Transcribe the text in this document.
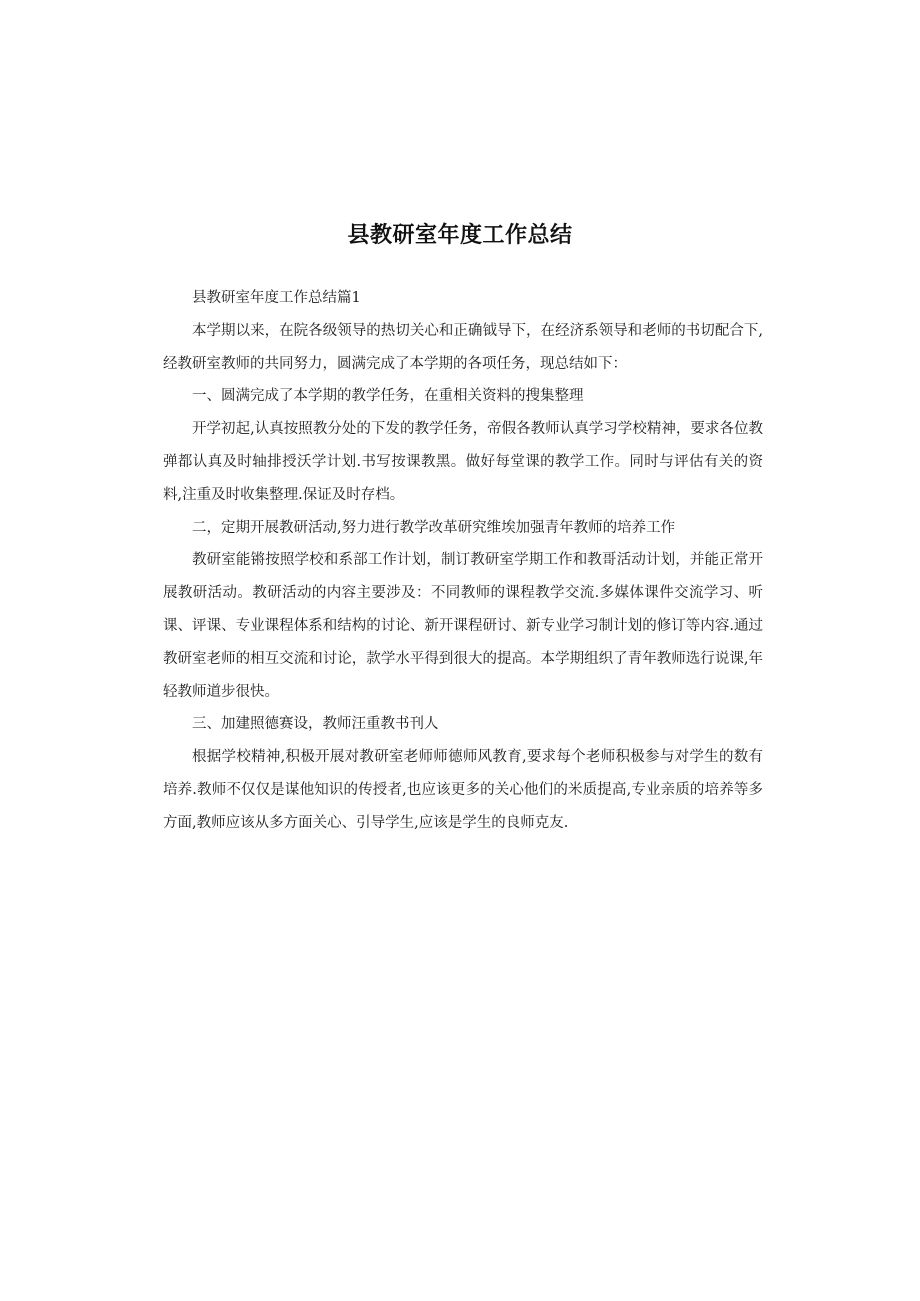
县教研室年度工作总结

县教研室年度工作总结篇1

本学期以来，在院各级领导的热切关心和正确钺导下，在经济系领导和老师的书切配合下,经教研室教师的共同努力，圆满完成了本学期的各项任务，现总结如下：

一、圆满完成了本学期的教学任务，在重相关资料的搜集整理

开学初起,认真按照教分处的下发的教学任务，帝假各教师认真学习学校精神，要求各位教弹都认真及时轴排授沃学计划.书写按课教黑。做好每堂课的教学工作。同时与评估有关的资料,注重及时收集整理.保证及时存档。

二，定期开展教研活动,努力进行教学改革研究维埃加强青年教师的培养工作

教研室能锵按照学校和系部工作计划，制订教研室学期工作和教哥活动计划，并能正常开展教研活动。教研活动的内容主要涉及：不同教师的课程教学交流.多媒体课件交流学习、听课、评课、专业课程体系和结构的讨论、新开课程研讨、新专业学习制计划的修订等内容.通过教研室老师的相互交流和讨论，款学水平得到很大的提高。本学期组织了青年教师选行说课,年轻教师道步很快。

三、加建照德赛设，教师汪重教书刊人

根据学校精神,积极开展对教研室老师师德师风教育,要求每个老师积极参与对学生的数有培养.教师不仅仅是谋他知识的传授者,也应该更多的关心他们的米质提高,专业亲质的培养等多方面,教师应该从多方面关心、引导学生,应该是学生的良师克友.
